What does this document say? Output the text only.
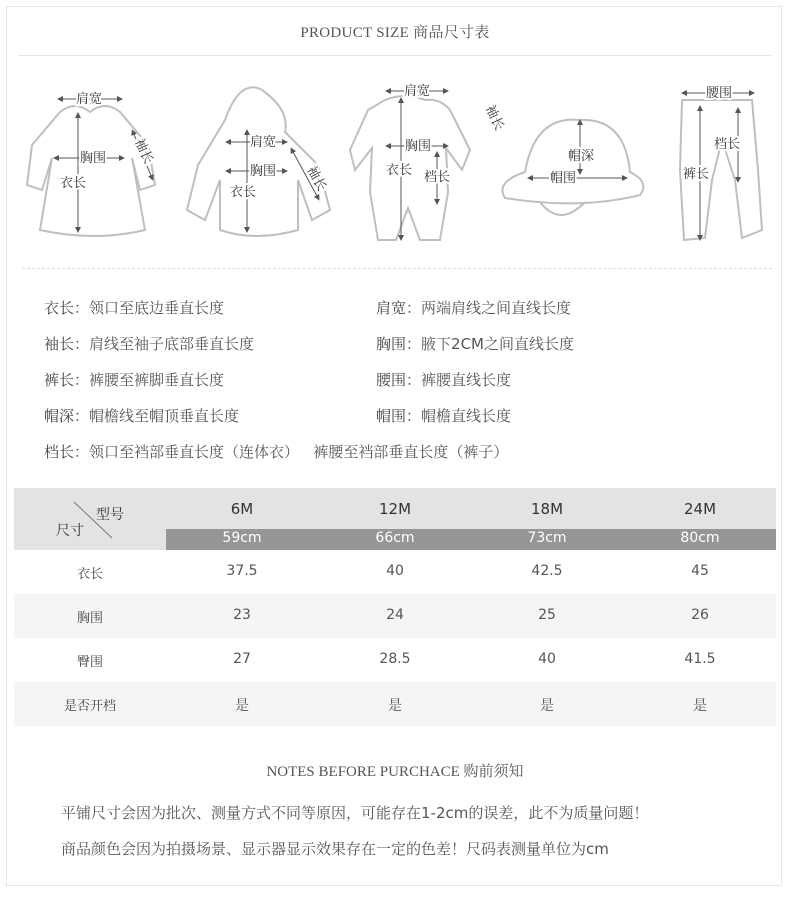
PRODUCT SIZE 商品尺寸表
肩宽
胸围
衣长
袖长	肩宽
胸围
衣长	袖长
肩宽
胸围
衣长 档长
袖长
帽深
帽围
腰围
档长
裤长
衣长：领口至底边垂直长度	肩宽：两端肩线之间直线长度
袖长：肩线至袖子底部垂直长度	胸围：腋下2CM之间直线长度
裤长：裤腰至裤脚垂直长度	腰围：裤腰直线长度
帽深：帽檐线至帽顶垂直长度	帽围：帽檐直线长度
档长：领口至裆部垂直长度（连体衣）   裤腰至裆部垂直长度（裤子）
型号
尺寸
6M	12M	18M	24M
59cm	66cm	73cm	80cm
衣长	37.5	40	42.5	45
胸围	23	24	25	26
臀围	27	28.5	40	41.5
是否开档	是	是	是	是
NOTES BEFORE PURCHACE 购前须知
平铺尺寸会因为批次、测量方式不同等原因，可能存在1-2cm的误差，此不为质量问题！
商品颜色会因为拍摄场景、显示器显示效果存在一定的色差！尺码表测量单位为cm
